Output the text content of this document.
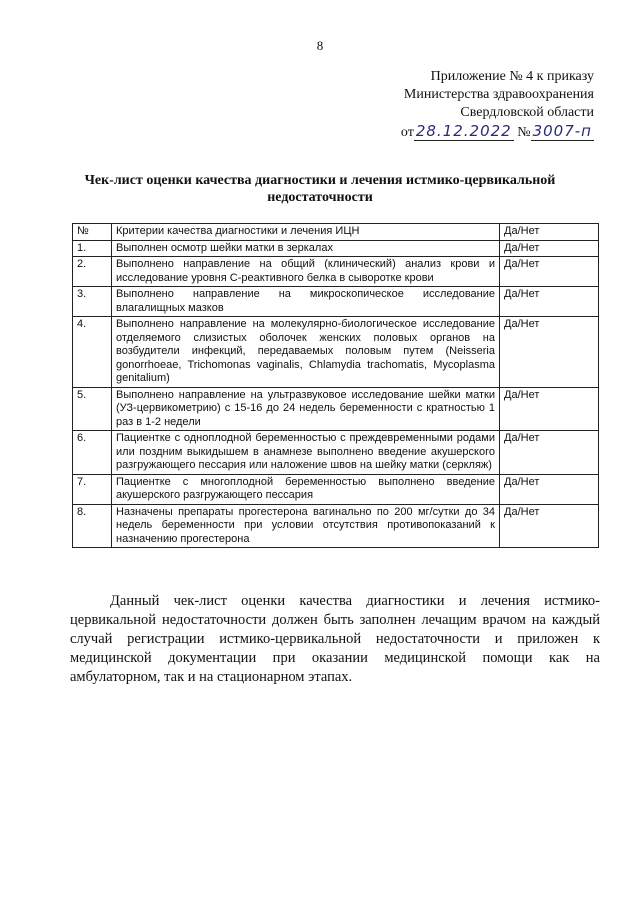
8
Приложение № 4 к приказу
Министерства здравоохранения
Свердловской области
от 28.12.2022 № 3007-п
Чек-лист оценки качества диагностики и лечения истмико-цервикальной недостаточности
№	Критерии качества диагностики и лечения ИЦН	Да/Нет
1.	Выполнен осмотр шейки матки в зеркалах	Да/Нет
2.	Выполнено направление на общий (клинический) анализ крови и исследование уровня С-реактивного белка в сыворотке крови	Да/Нет
3.	Выполнено направление на микроскопическое исследование влагалищных мазков	Да/Нет
4.	Выполнено направление на молекулярно-биологическое исследование отделяемого слизистых оболочек женских половых органов на возбудители инфекций, передаваемых половым путем (Neisseria gonorrhoeae, Trichomonas vaginalis, Chlamydia trachomatis, Mycoplasma genitalium)	Да/Нет
5.	Выполнено направление на ультразвуковое исследование шейки матки (УЗ-цервикометрию) с 15-16 до 24 недель беременности с кратностью 1 раз в 1-2 недели	Да/Нет
6.	Пациентке с одноплодной беременностью с преждевременными родами или поздним выкидышем в анамнезе выполнено введение акушерского разгружающего пессария или наложение швов на шейку матки (серкляж)	Да/Нет
7.	Пациентке с многоплодной беременностью выполнено введение акушерского разгружающего пессария	Да/Нет
8.	Назначены препараты прогестерона вагинально по 200 мг/сутки до 34 недель беременности при условии отсутствия противопоказаний к назначению прогестерона	Да/Нет
Данный чек-лист оценки качества диагностики и лечения истмико-цервикальной недостаточности должен быть заполнен лечащим врачом на каждый случай регистрации истмико-цервикальной недостаточности и приложен к медицинской документации при оказании медицинской помощи как на амбулаторном, так и на стационарном этапах.
